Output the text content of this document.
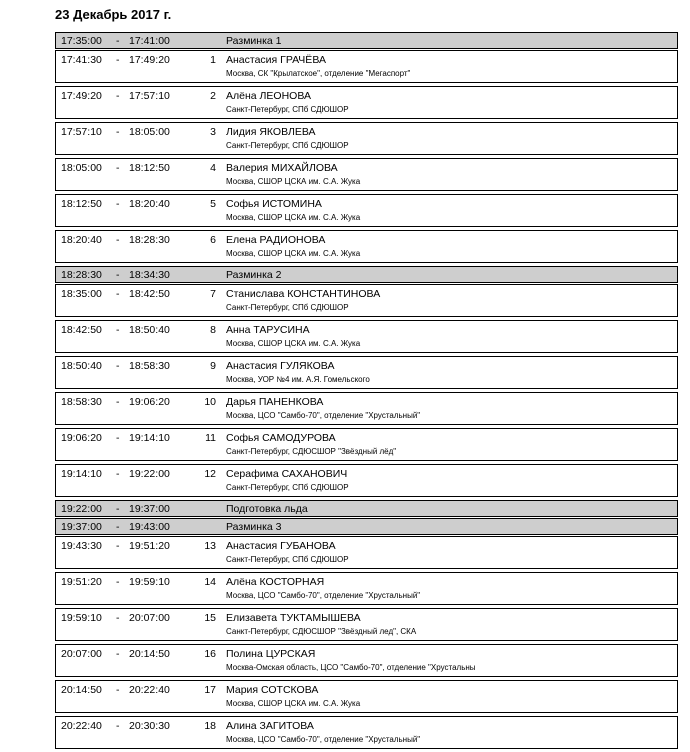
23 Декабрь 2017 г.
17:35:00 - 17:41:00	Разминка 1
17:41:30 - 17:49:20	1 Анастасия ГРАЧЁВА
Москва, СК "Крылатское", отделение "Мегаспорт"
17:49:20 - 17:57:10	2 Алёна ЛЕОНОВА
Санкт-Петербург, СПб СДЮШОР
17:57:10 - 18:05:00	3 Лидия ЯКОВЛЕВА
Санкт-Петербург, СПб СДЮШОР
18:05:00 - 18:12:50	4 Валерия МИХАЙЛОВА
Москва, СШОР ЦСКА им. С.А. Жука
18:12:50 - 18:20:40	5 Софья ИСТОМИНА
Москва, СШОР ЦСКА им. С.А. Жука
18:20:40 - 18:28:30	6 Елена РАДИОНОВА
Москва, СШОР ЦСКА им. С.А. Жука
18:28:30 - 18:34:30	Разминка 2
18:35:00 - 18:42:50	7 Станислава КОНСТАНТИНОВА
Санкт-Петербург, СПб СДЮШОР
18:42:50 - 18:50:40	8 Анна ТАРУСИНА
Москва, СШОР ЦСКА им. С.А. Жука
18:50:40 - 18:58:30	9 Анастасия ГУЛЯКОВА
Москва, УОР №4 им. А.Я. Гомельского
18:58:30 - 19:06:20	10 Дарья ПАНЕНКОВА
Москва, ЦСО "Самбо-70", отделение "Хрустальный"
19:06:20 - 19:14:10	11 Софья САМОДУРОВА
Санкт-Петербург, СДЮСШОР "Звёздный лёд"
19:14:10 - 19:22:00	12 Серафима САХАНОВИЧ
Санкт-Петербург, СПб СДЮШОР
19:22:00 - 19:37:00	Подготовка льда
19:37:00 - 19:43:00	Разминка 3
19:43:30 - 19:51:20	13 Анастасия ГУБАНОВА
Санкт-Петербург, СПб СДЮШОР
19:51:20 - 19:59:10	14 Алёна КОСТОРНАЯ
Москва, ЦСО "Самбо-70", отделение "Хрустальный"
19:59:10 - 20:07:00	15 Елизавета ТУКТАМЫШЕВА
Санкт-Петербург, СДЮСШОР "Звёздный лед", СКА
20:07:00 - 20:14:50	16 Полина ЦУРСКАЯ
Москва-Омская область, ЦСО "Самбо-70", отделение "Хрустальны
20:14:50 - 20:22:40	17 Мария СОТСКОВА
Москва, СШОР ЦСКА им. С.А. Жука
20:22:40 - 20:30:30	18 Алина ЗАГИТОВА
Москва, ЦСО "Самбо-70", отделение "Хрустальный"
